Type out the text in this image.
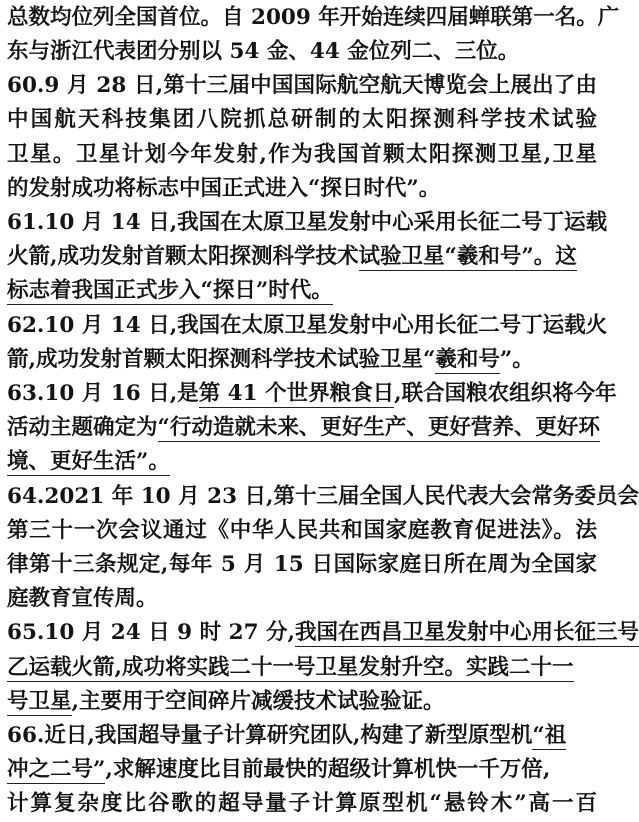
总数均位列全国首位。自 2009 年开始连续四届蝉联第一名。广
东与浙江代表团分别以 54 金、44 金位列二、三位。
60.9 月 28 日,第十三届中国国际航空航天博览会上展出了由
中国航天科技集团八院抓总研制的太阳探测科学技术试验
卫星。卫星计划今年发射,作为我国首颗太阳探测卫星,卫星
的发射成功将标志中国正式进入“探日时代”。
61.10 月 14 日,我国在太原卫星发射中心采用长征二号丁运载
火箭,成功发射首颗太阳探测科学技术试验卫星“羲和号”。这
标志着我国正式步入“探日”时代。
62.10 月 14 日,我国在太原卫星发射中心用长征二号丁运载火
箭,成功发射首颗太阳探测科学技术试验卫星“羲和号”。
63.10 月 16 日,是第 41 个世界粮食日,联合国粮农组织将今年
活动主题确定为“行动造就未来、更好生产、更好营养、更好环
境、更好生活”。
64.2021 年 10 月 23 日,第十三届全国人民代表大会常务委员会
第三十一次会议通过《中华人民共和国家庭教育促进法》。法
律第十三条规定,每年 5 月 15 日国际家庭日所在周为全国家
庭教育宣传周。
65.10 月 24 日 9 时 27 分,我国在西昌卫星发射中心用长征三号
乙运载火箭,成功将实践二十一号卫星发射升空。实践二十一
号卫星,主要用于空间碎片减缓技术试验验证。
66.近日,我国超导量子计算研究团队,构建了新型原型机“祖
冲之二号”,求解速度比目前最快的超级计算机快一千万倍,
计算复杂度比谷歌的超导量子计算原型机“悬铃木”高一百
